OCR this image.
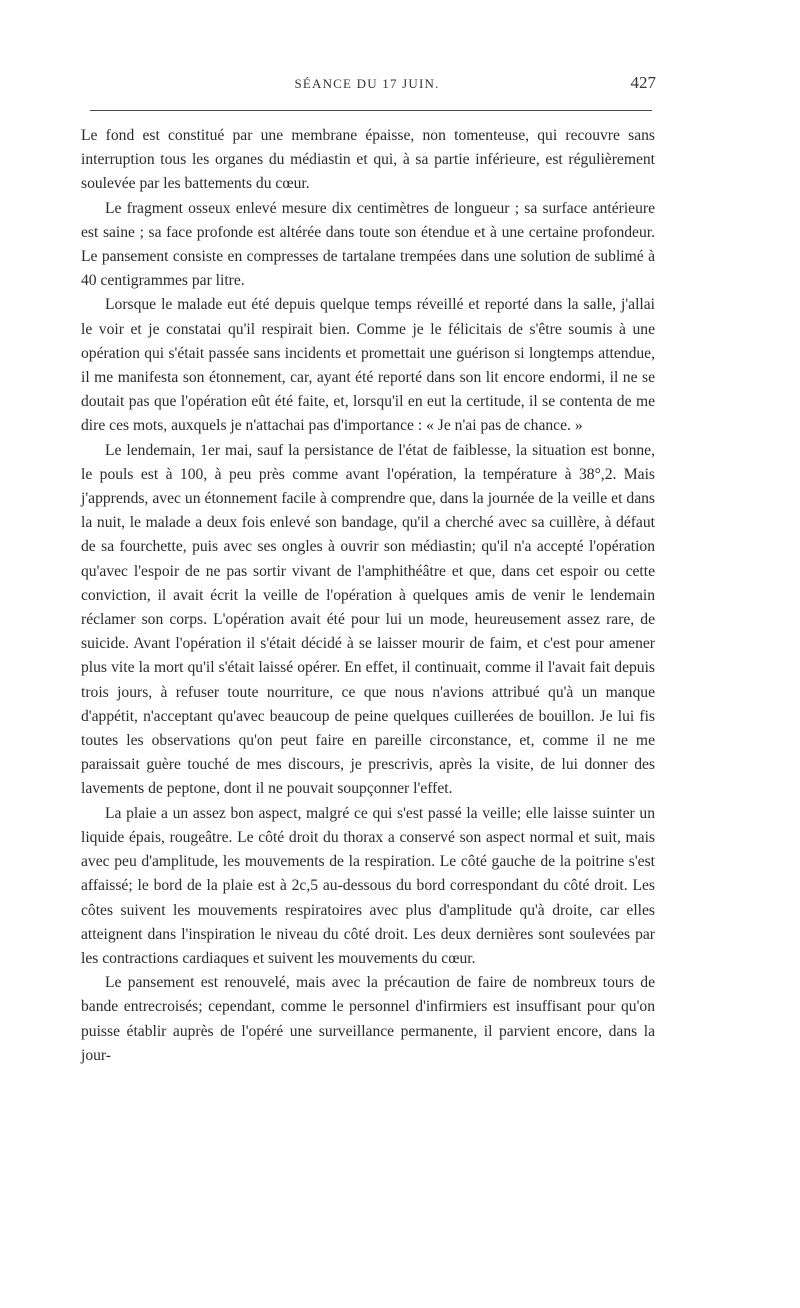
SÉANCE DU 17 JUIN.	427

Le fond est constitué par une membrane épaisse, non tomenteuse, qui recouvre sans interruption tous les organes du médiastin et qui, à sa partie inférieure, est régulièrement soulevée par les battements du cœur.

Le fragment osseux enlevé mesure dix centimètres de longueur ; sa surface antérieure est saine ; sa face profonde est altérée dans toute son étendue et à une certaine profondeur. Le pansement consiste en compresses de tartalane trempées dans une solution de sublimé à 40 centigrammes par litre.

Lorsque le malade eut été depuis quelque temps réveillé et reporté dans la salle, j'allai le voir et je constatai qu'il respirait bien. Comme je le félicitais de s'être soumis à une opération qui s'était passée sans incidents et promettait une guérison si longtemps attendue, il me manifesta son étonnement, car, ayant été reporté dans son lit encore endormi, il ne se doutait pas que l'opération eût été faite, et, lorsqu'il en eut la certitude, il se contenta de me dire ces mots, auxquels je n'attachai pas d'importance : « Je n'ai pas de chance. »

Le lendemain, 1er mai, sauf la persistance de l'état de faiblesse, la situation est bonne, le pouls est à 100, à peu près comme avant l'opération, la température à 38°,2. Mais j'apprends, avec un étonnement facile à comprendre que, dans la journée de la veille et dans la nuit, le malade a deux fois enlevé son bandage, qu'il a cherché avec sa cuillère, à défaut de sa fourchette, puis avec ses ongles à ouvrir son médiastin; qu'il n'a accepté l'opération qu'avec l'espoir de ne pas sortir vivant de l'amphithéâtre et que, dans cet espoir ou cette conviction, il avait écrit la veille de l'opération à quelques amis de venir le lendemain réclamer son corps. L'opération avait été pour lui un mode, heureusement assez rare, de suicide. Avant l'opération il s'était décidé à se laisser mourir de faim, et c'est pour amener plus vite la mort qu'il s'était laissé opérer. En effet, il continuait, comme il l'avait fait depuis trois jours, à refuser toute nourriture, ce que nous n'avions attribué qu'à un manque d'appétit, n'acceptant qu'avec beaucoup de peine quelques cuillerées de bouillon. Je lui fis toutes les observations qu'on peut faire en pareille circonstance, et, comme il ne me paraissait guère touché de mes discours, je prescrivis, après la visite, de lui donner des lavements de peptone, dont il ne pouvait soupçonner l'effet.

La plaie a un assez bon aspect, malgré ce qui s'est passé la veille; elle laisse suinter un liquide épais, rougeâtre. Le côté droit du thorax a conservé son aspect normal et suit, mais avec peu d'amplitude, les mouvements de la respiration. Le côté gauche de la poitrine s'est affaissé; le bord de la plaie est à 2c,5 au-dessous du bord correspondant du côté droit. Les côtes suivent les mouvements respiratoires avec plus d'amplitude qu'à droite, car elles atteignent dans l'inspiration le niveau du côté droit. Les deux dernières sont soulevées par les contractions cardiaques et suivent les mouvements du cœur.

Le pansement est renouvelé, mais avec la précaution de faire de nombreux tours de bande entrecroisés; cependant, comme le personnel d'infirmiers est insuffisant pour qu'on puisse établir auprès de l'opéré une surveillance permanente, il parvient encore, dans la jour-
